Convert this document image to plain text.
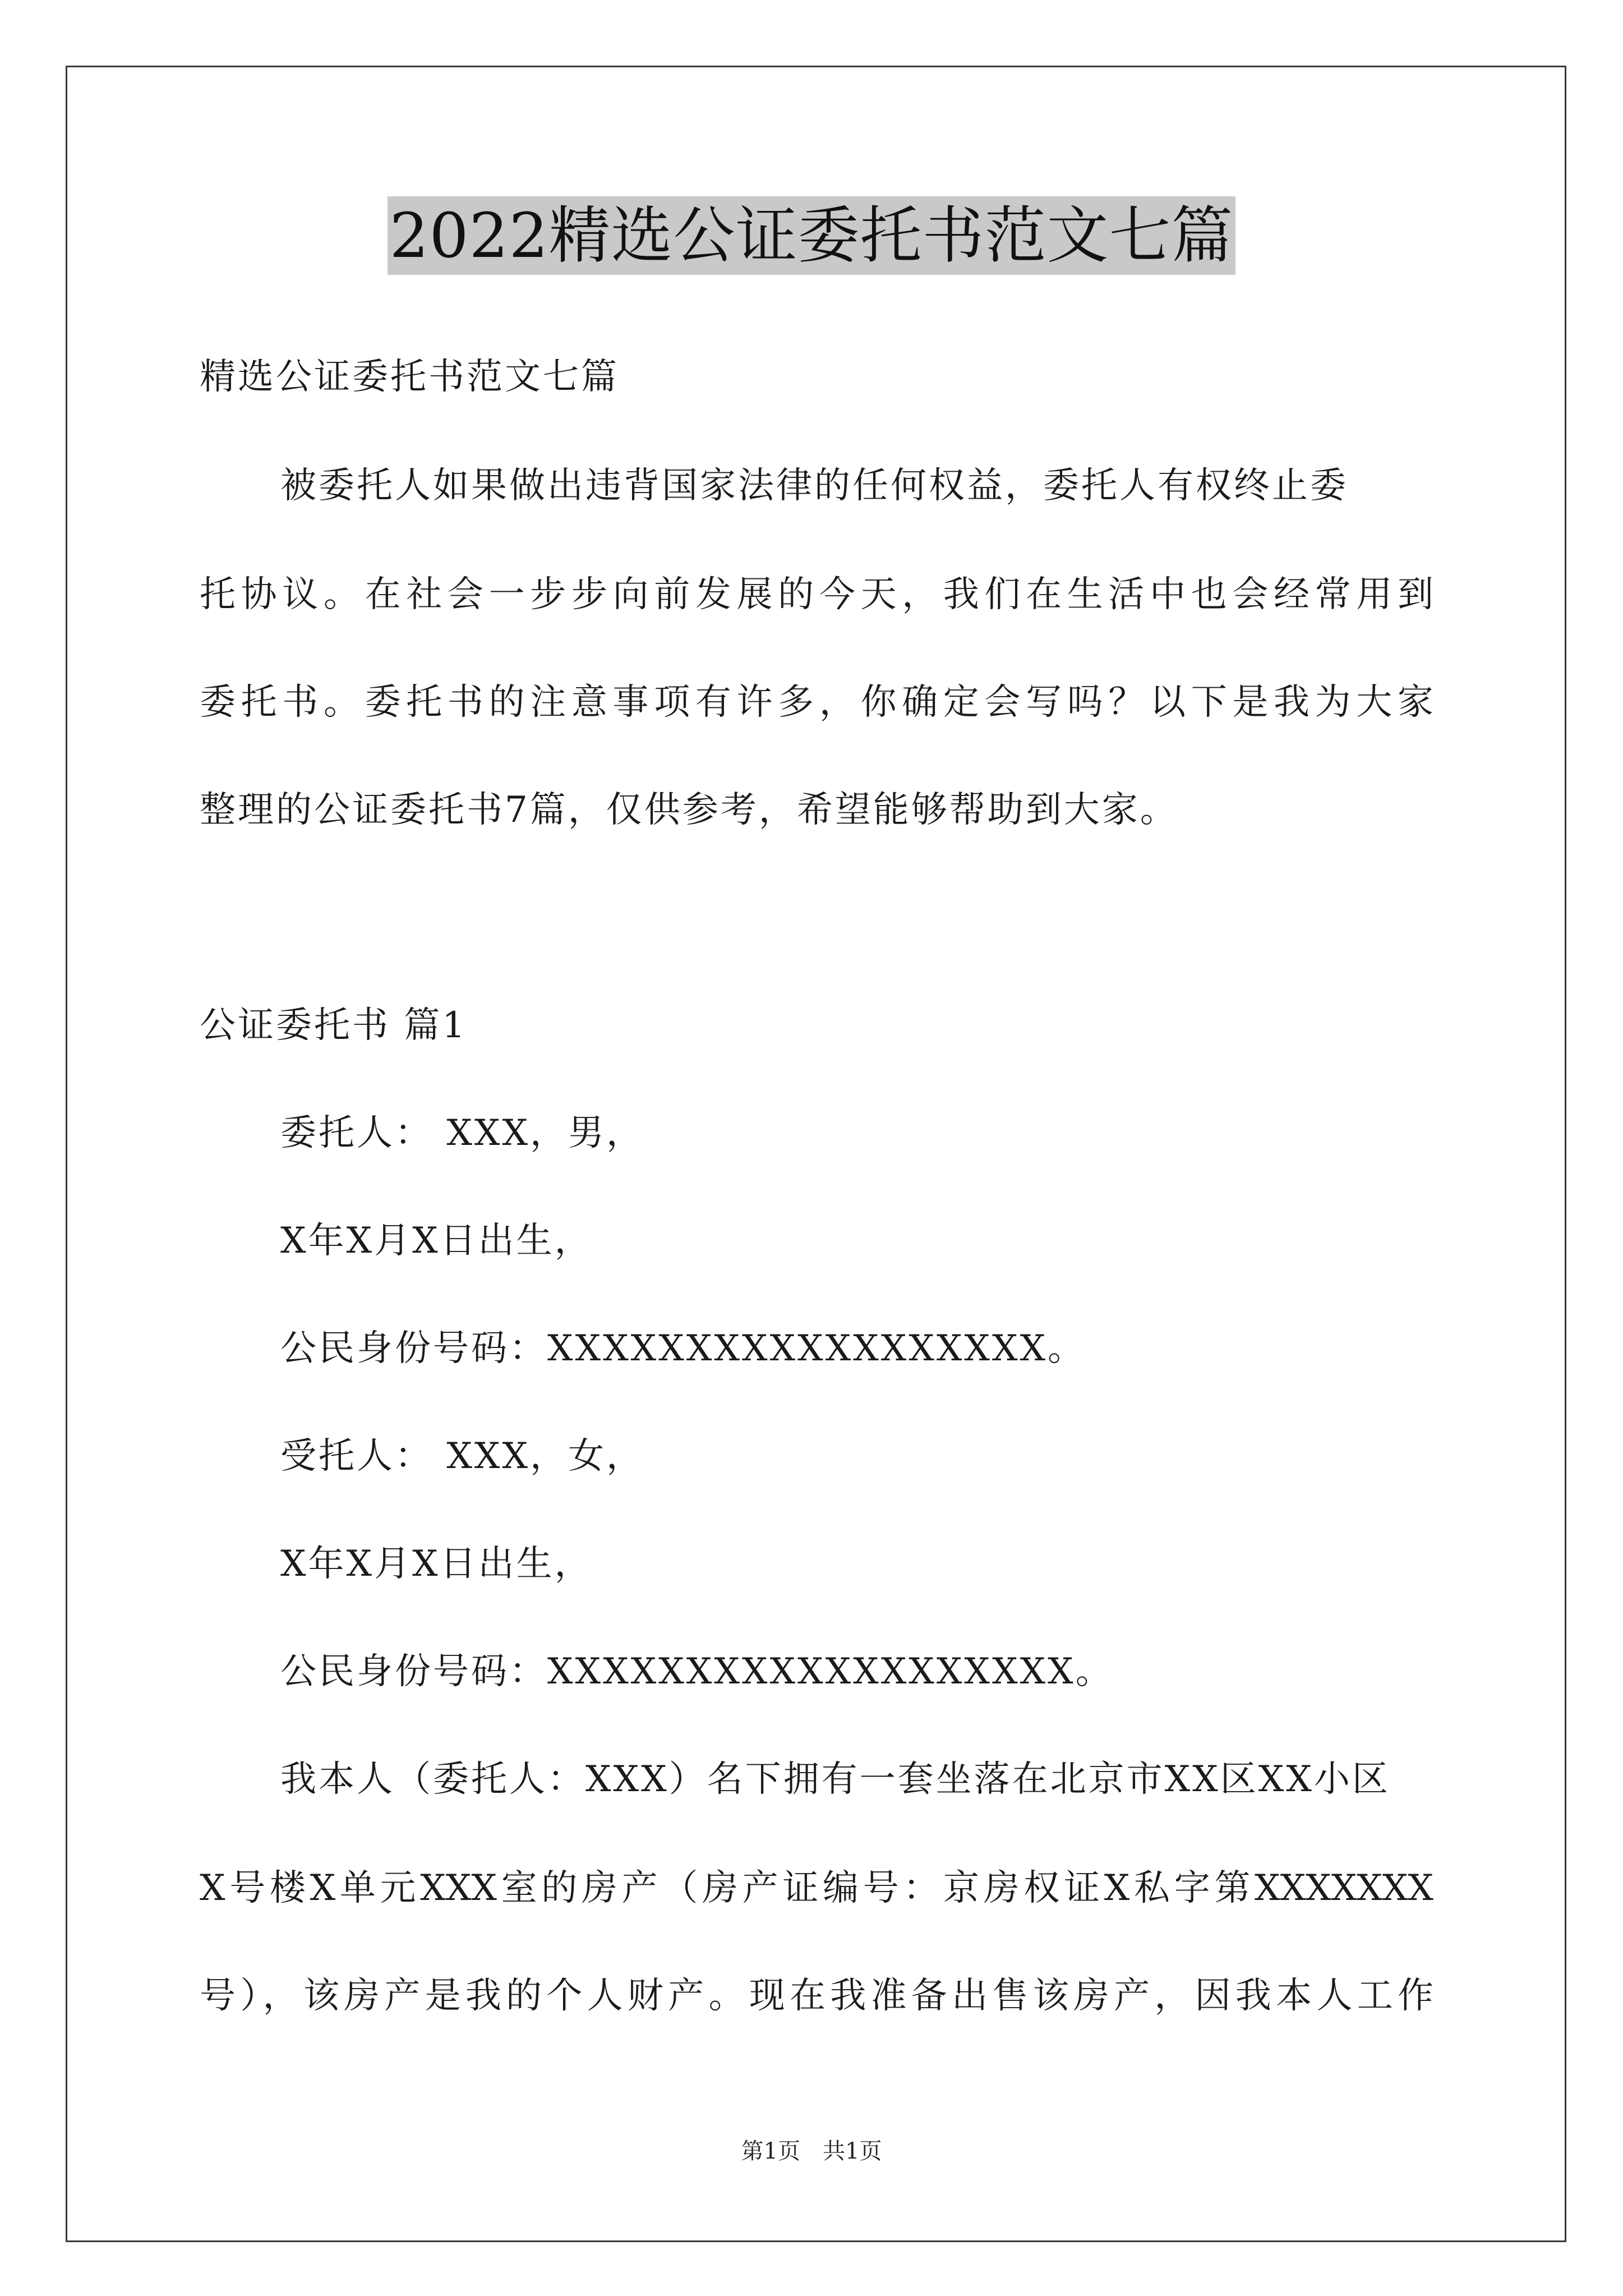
2022精选公证委托书范文七篇
精选公证委托书范文七篇
被委托人如果做出违背国家法律的任何权益，委托人有权终止委
托协议。在社会一步步向前发展的今天，我们在生活中也会经常用到
委托书。委托书的注意事项有许多，你确定会写吗？以下是我为大家
整理的公证委托书7篇，仅供参考，希望能够帮助到大家。
公证委托书 篇1
委托人： XXX，男，
X年X月X日出生，
公民身份号码：XXXXXXXXXXXXXXXXXX。
受托人： XXX，女，
X年X月X日出生，
公民身份号码：XXXXXXXXXXXXXXXXXXX。
我本人（委托人：XXX）名下拥有一套坐落在北京市XX区XX小区
X号楼X单元XXX室的房产（房产证编号：京房权证X私字第XXXXXXX
号），该房产是我的个人财产。现在我准备出售该房产，因我本人工作
第1页　共1页
